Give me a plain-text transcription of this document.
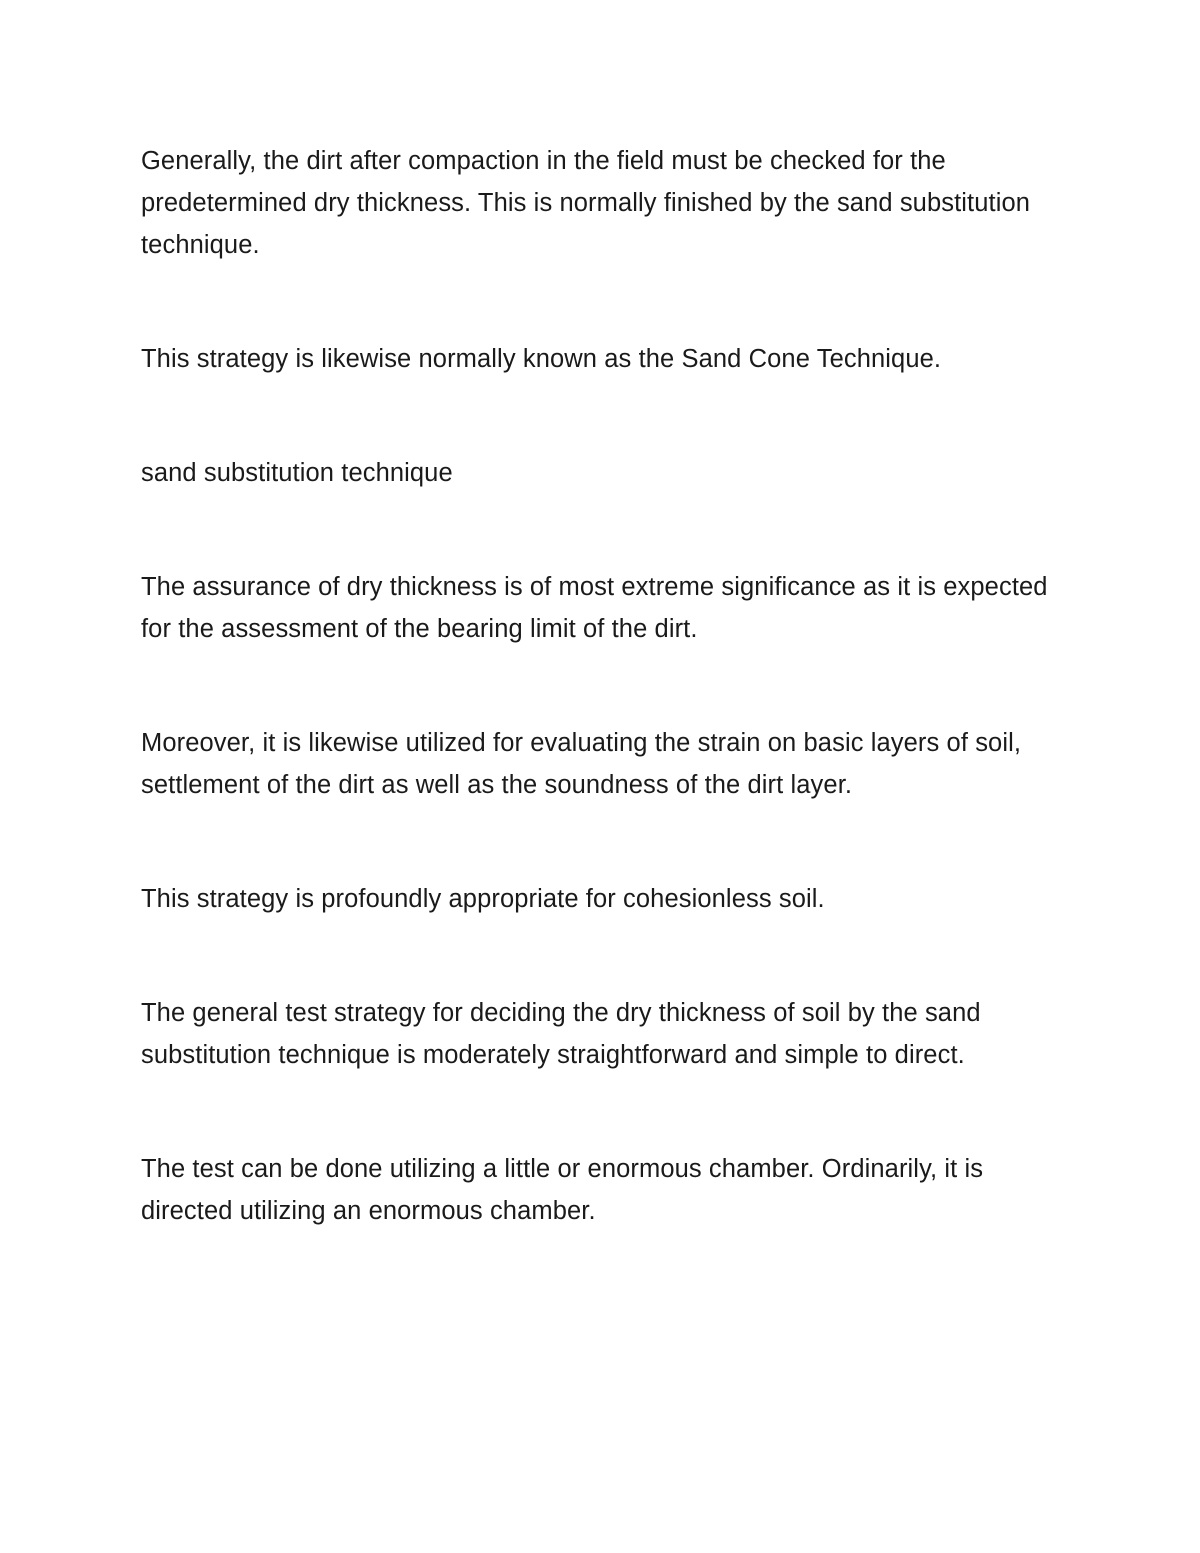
Generally, the dirt after compaction in the field must be checked for the predetermined dry thickness. This is normally finished by the sand substitution technique.

This strategy is likewise normally known as the Sand Cone Technique.

sand substitution technique

The assurance of dry thickness is of most extreme significance as it is expected for the assessment of the bearing limit of the dirt.

Moreover, it is likewise utilized for evaluating the strain on basic layers of soil, settlement of the dirt as well as the soundness of the dirt layer.

This strategy is profoundly appropriate for cohesionless soil.

The general test strategy for deciding the dry thickness of soil by the sand substitution technique is moderately straightforward and simple to direct.

The test can be done utilizing a little or enormous chamber. Ordinarily, it is directed utilizing an enormous chamber.
